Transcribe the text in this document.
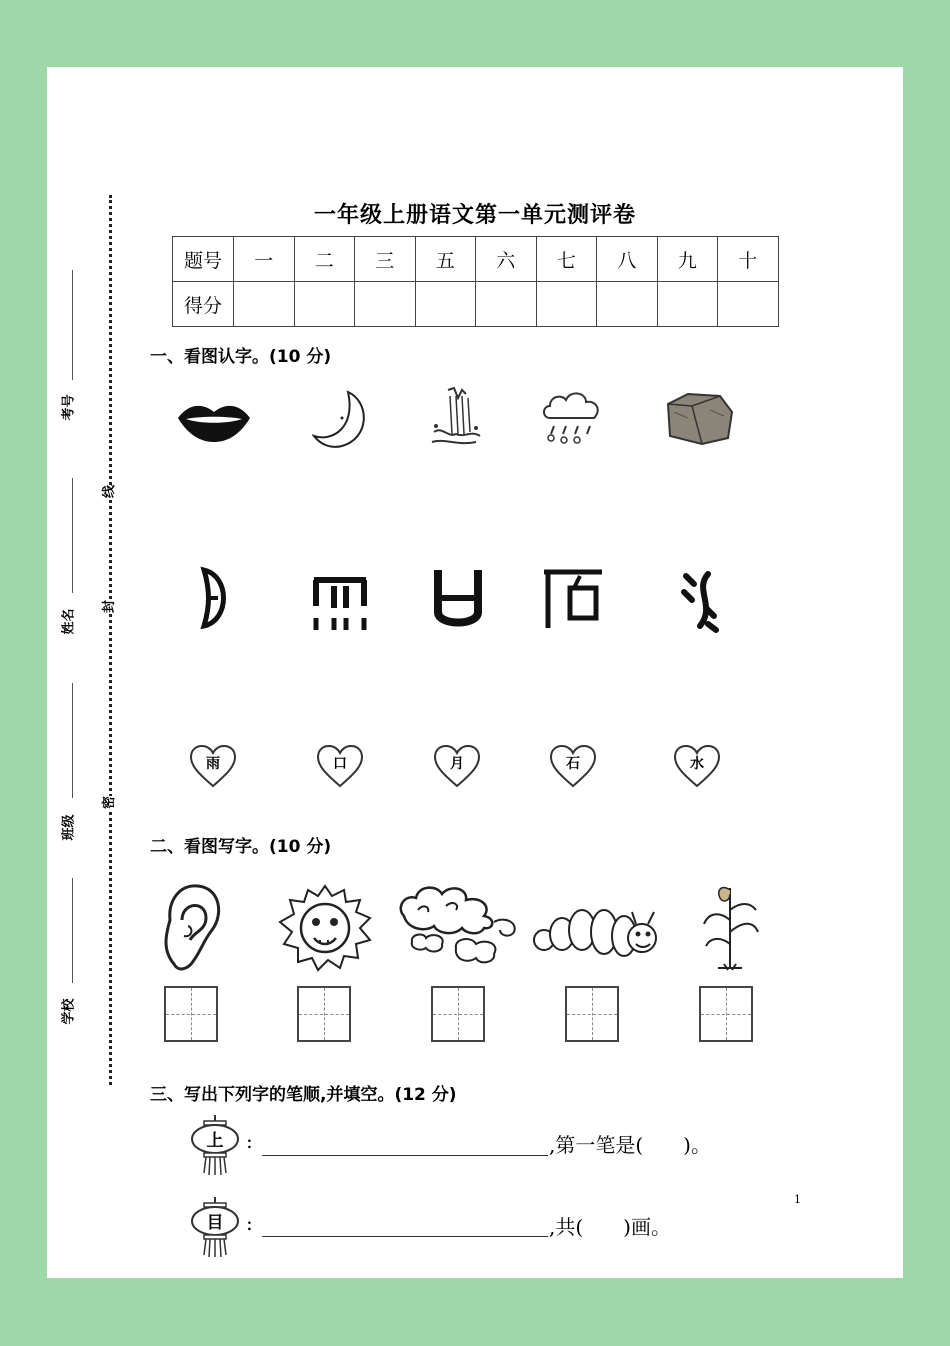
考号
姓名
班级
学校
线
封
密
一年级上册语文第一单元测评卷
题号	一	二	三	五	六	七	八	九	十
得分									
一、看图认字。(10 分)
雨	口	月	石	水
二、看图写字。(10 分)
三、写出下列字的笔顺,并填空。(12 分)
上	:	,第一笔是(　　)。
目	:	,共(　　)画。
1
